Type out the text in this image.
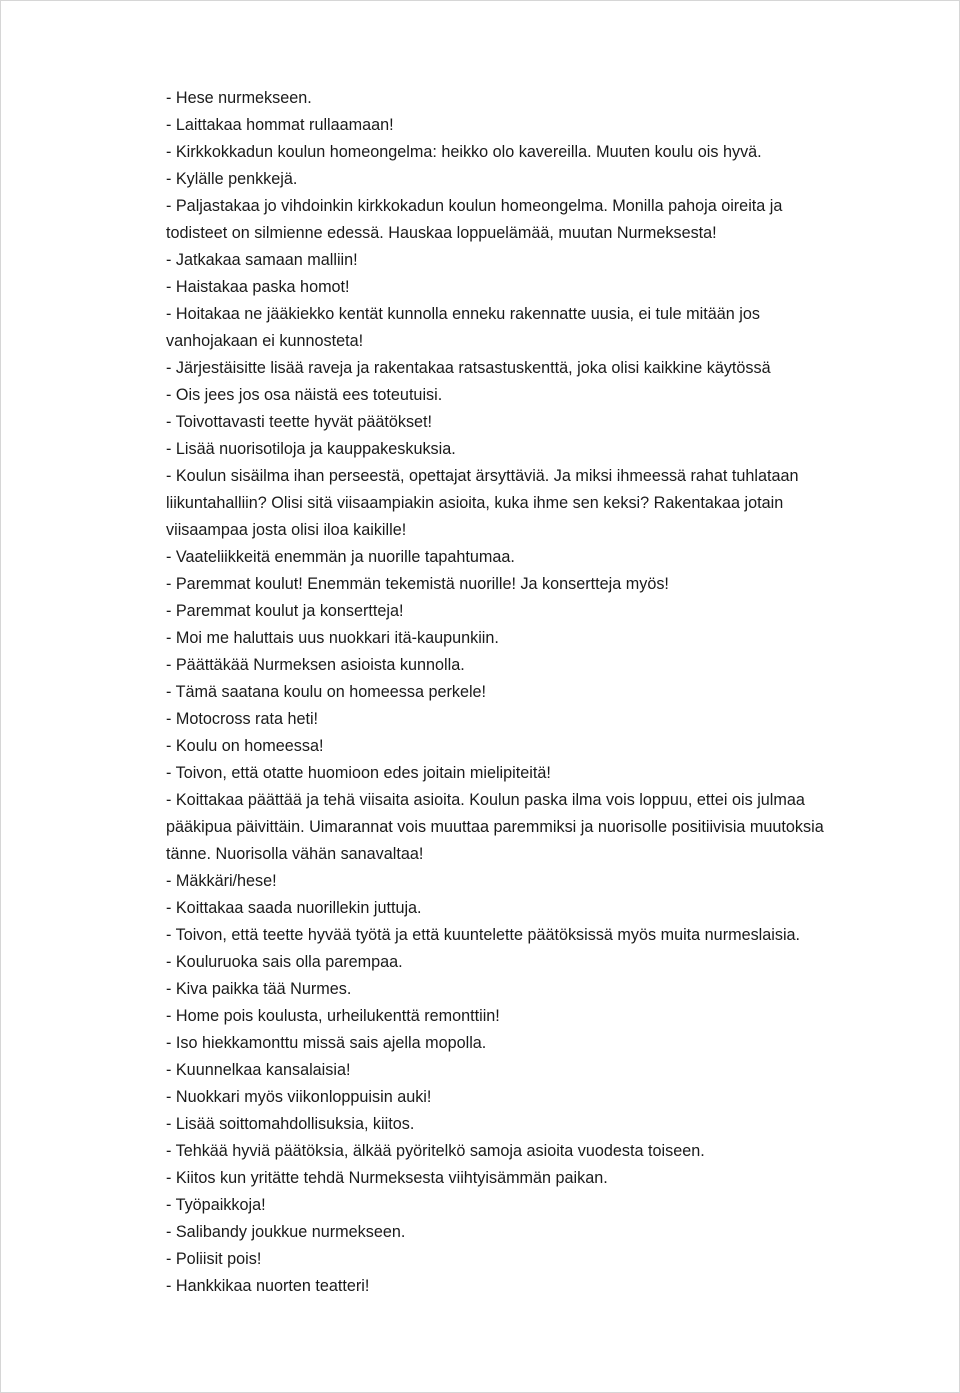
- Hese nurmekseen.
- Laittakaa hommat rullaamaan!
- Kirkkokkadun koulun homeongelma: heikko olo kavereilla. Muuten koulu ois hyvä.
- Kylälle penkkejä.
- Paljastakaa jo vihdoinkin kirkkokadun koulun homeongelma. Monilla pahoja oireita ja
todisteet on silmienne edessä. Hauskaa loppuelämää, muutan Nurmeksesta!
- Jatkakaa samaan malliin!
- Haistakaa paska homot!
- Hoitakaa ne jääkiekko kentät kunnolla enneku rakennatte uusia, ei tule mitään jos
vanhojakaan ei kunnosteta!
- Järjestäisitte lisää raveja ja rakentakaa ratsastuskenttä, joka olisi kaikkine käytössä
- Ois jees jos osa näistä ees toteutuisi.
- Toivottavasti teette hyvät päätökset!
- Lisää nuorisotiloja ja kauppakeskuksia.
- Koulun sisäilma ihan perseestä, opettajat ärsyttäviä. Ja miksi ihmeessä rahat tuhlataan
liikuntahalliin? Olisi sitä viisaampiakin asioita, kuka ihme sen keksi? Rakentakaa jotain
viisaampaa josta olisi iloa kaikille!
- Vaateliikkeitä enemmän ja nuorille tapahtumaa.
- Paremmat koulut! Enemmän tekemistä nuorille! Ja konsertteja myös!
- Paremmat koulut ja konsertteja!
- Moi me haluttais uus nuokkari itä-kaupunkiin.
- Päättäkää Nurmeksen asioista kunnolla.
- Tämä saatana koulu on homeessa perkele!
- Motocross rata heti!
- Koulu on homeessa!
- Toivon, että otatte huomioon edes joitain mielipiteitä!
- Koittakaa päättää ja tehä viisaita asioita. Koulun paska ilma vois loppuu, ettei ois julmaa
pääkipua päivittäin. Uimarannat vois muuttaa paremmiksi ja nuorisolle positiivisia muutoksia
tänne. Nuorisolla vähän sanavaltaa!
- Mäkkäri/hese!
- Koittakaa saada nuorillekin juttuja.
- Toivon, että teette hyvää työtä ja että kuuntelette päätöksissä myös muita nurmeslaisia.
- Kouluruoka sais olla parempaa.
- Kiva paikka tää Nurmes.
- Home pois koulusta, urheilukenttä remonttiin!
- Iso hiekkamonttu missä sais ajella mopolla.
- Kuunnelkaa kansalaisia!
- Nuokkari myös viikonloppuisin auki!
- Lisää soittomahdollisuksia, kiitos.
- Tehkää hyviä päätöksia, älkää pyöritelkö samoja asioita vuodesta toiseen.
- Kiitos kun yritätte tehdä Nurmeksesta viihtyisämmän paikan.
- Työpaikkoja!
- Salibandy joukkue nurmekseen.
- Poliisit pois!
- Hankkikaa nuorten teatteri!
